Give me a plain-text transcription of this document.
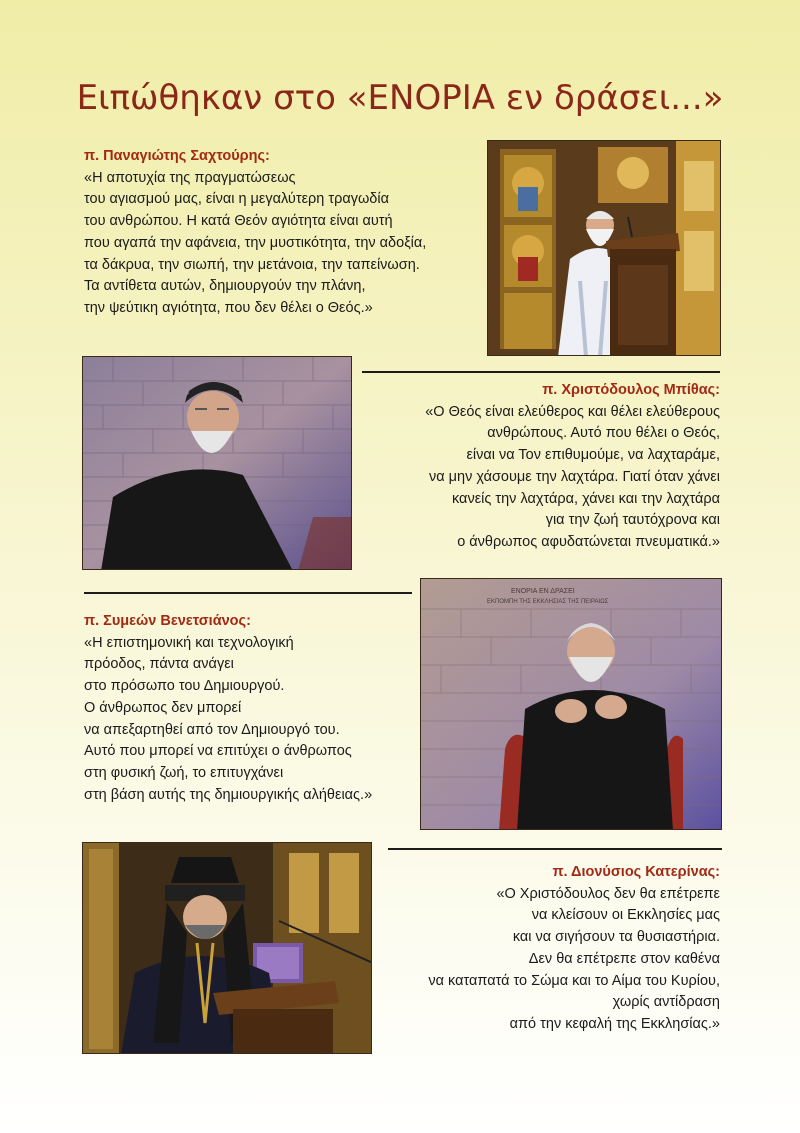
Ειπώθηκαν στο «ΕΝΟΡΙΑ εν δράσει...»
π. Παναγιώτης Σαχτούρης:
«Η αποτυχία της πραγματώσεως
του αγιασμού μας, είναι η μεγαλύτερη τραγωδία
του ανθρώπου. Η κατά Θεόν αγιότητα είναι αυτή
που αγαπά την αφάνεια, την μυστικότητα, την αδοξία,
τα δάκρυα, την σιωπή, την μετάνοια, την ταπείνωση.
Τα αντίθετα αυτών, δημιουργούν την πλάνη,
την ψεύτικη αγιότητα, που δεν θέλει ο Θεός.»
π. Χριστόδουλος Μπίθας:
«Ο Θεός είναι ελεύθερος και θέλει ελεύθερους
ανθρώπους. Αυτό που θέλει ο Θεός,
είναι να Τον επιθυμούμε, να λαχταράμε,
να μην χάσουμε την λαχτάρα. Γιατί όταν χάνει
κανείς την λαχτάρα, χάνει και την λαχτάρα
για την ζωή ταυτόχρονα και
ο άνθρωπος αφυδατώνεται πνευματικά.»
π. Συμεών Βενετσιάνος:
«Η επιστημονική και τεχνολογική
πρόοδος, πάντα ανάγει
στο πρόσωπο του Δημιουργού.
Ο άνθρωπος δεν μπορεί
να απεξαρτηθεί από τον Δημιουργό του.
Αυτό που μπορεί να επιτύχει ο άνθρωπος
στη φυσική ζωή, το επιτυγχάνει
στη βάση αυτής της δημιουργικής αλήθειας.»
ΕΝΟΡΙΑ ΕΝ ΔΡΑΣΕΙ
ΕΚΠΟΜΠΗ ΤΗΣ ΕΚΚΛΗΣΙΑΣ ΤΗΣ ΠΕΙΡΑΙΩΣ
π. Διονύσιος Κατερίνας:
«Ο Χριστόδουλος δεν θα επέτρεπε
να κλείσουν οι Εκκλησίες μας
και να σιγήσουν τα θυσιαστήρια.
Δεν θα επέτρεπε στον καθένα
να καταπατά το Σώμα και το Αίμα του Κυρίου,
χωρίς αντίδραση
από την κεφαλή της Εκκλησίας.»
